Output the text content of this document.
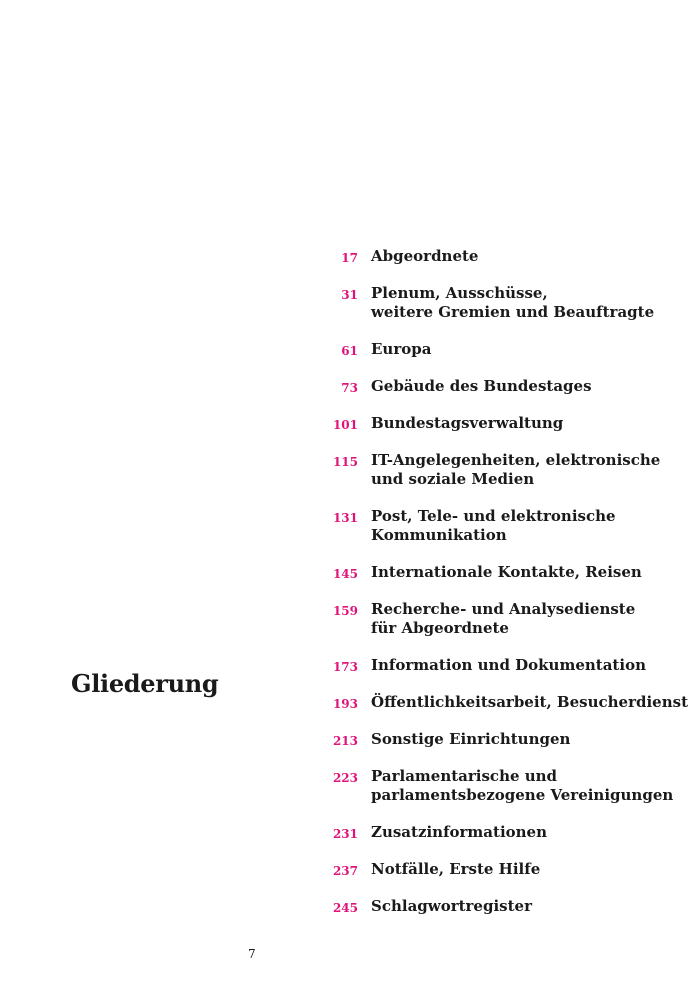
Gliederung
17 Abgeordnete
31 Plenum, Ausschüsse,
weitere Gremien und Beauftragte
61 Europa
73 Gebäude des Bundestages
101 Bundestagsverwaltung
115 IT-Angelegenheiten, elektronische
und soziale Medien
131 Post, Tele- und elektronische
Kommunikation
145 Internationale Kontakte, Reisen
159 Recherche- und Analysedienste
für Abgeordnete
173 Information und Dokumentation
193 Öffentlichkeitsarbeit, Besucherdienst
213 Sonstige Einrichtungen
223 Parlamentarische und
parlamentsbezogene Vereinigungen
231 Zusatzinformationen
237 Notfälle, Erste Hilfe
245 Schlagwortregister
7
